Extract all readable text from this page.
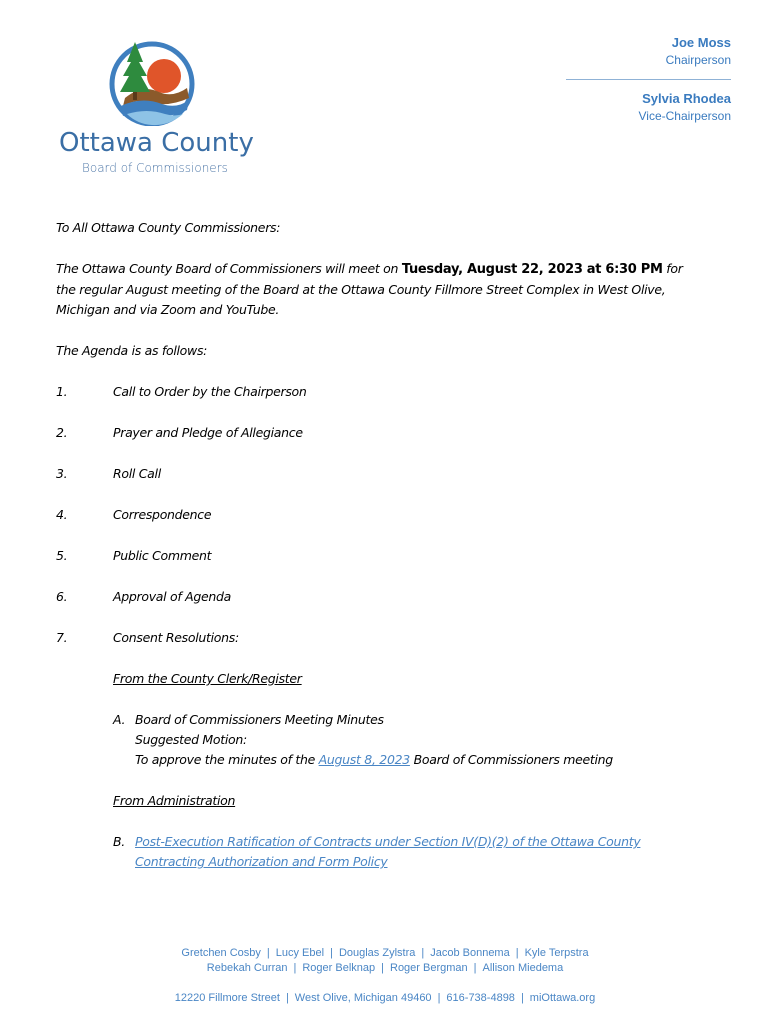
Ottawa County
Board of Commissioners
Joe Moss
Chairperson
Sylvia Rhodea
Vice-Chairperson

To All Ottawa County Commissioners:

The Ottawa County Board of Commissioners will meet on Tuesday, August 22, 2023 at 6:30 PM for the regular August meeting of the Board at the Ottawa County Fillmore Street Complex in West Olive, Michigan and via Zoom and YouTube.

The Agenda is as follows:

1.	Call to Order by the Chairperson
2.	Prayer and Pledge of Allegiance
3.	Roll Call
4.	Correspondence
5.	Public Comment
6.	Approval of Agenda
7.	Consent Resolutions:

From the County Clerk/Register

A. Board of Commissioners Meeting Minutes
Suggested Motion:
To approve the minutes of the August 8, 2023 Board of Commissioners meeting

From Administration

B. Post-Execution Ratification of Contracts under Section IV(D)(2) of the Ottawa County Contracting Authorization and Form Policy
Gretchen Cosby | Lucy Ebel | Douglas Zylstra | Jacob Bonnema | Kyle Terpstra
Rebekah Curran | Roger Belknap | Roger Bergman | Allison Miedema
12220 Fillmore Street | West Olive, Michigan 49460 | 616-738-4898 | miOttawa.org
